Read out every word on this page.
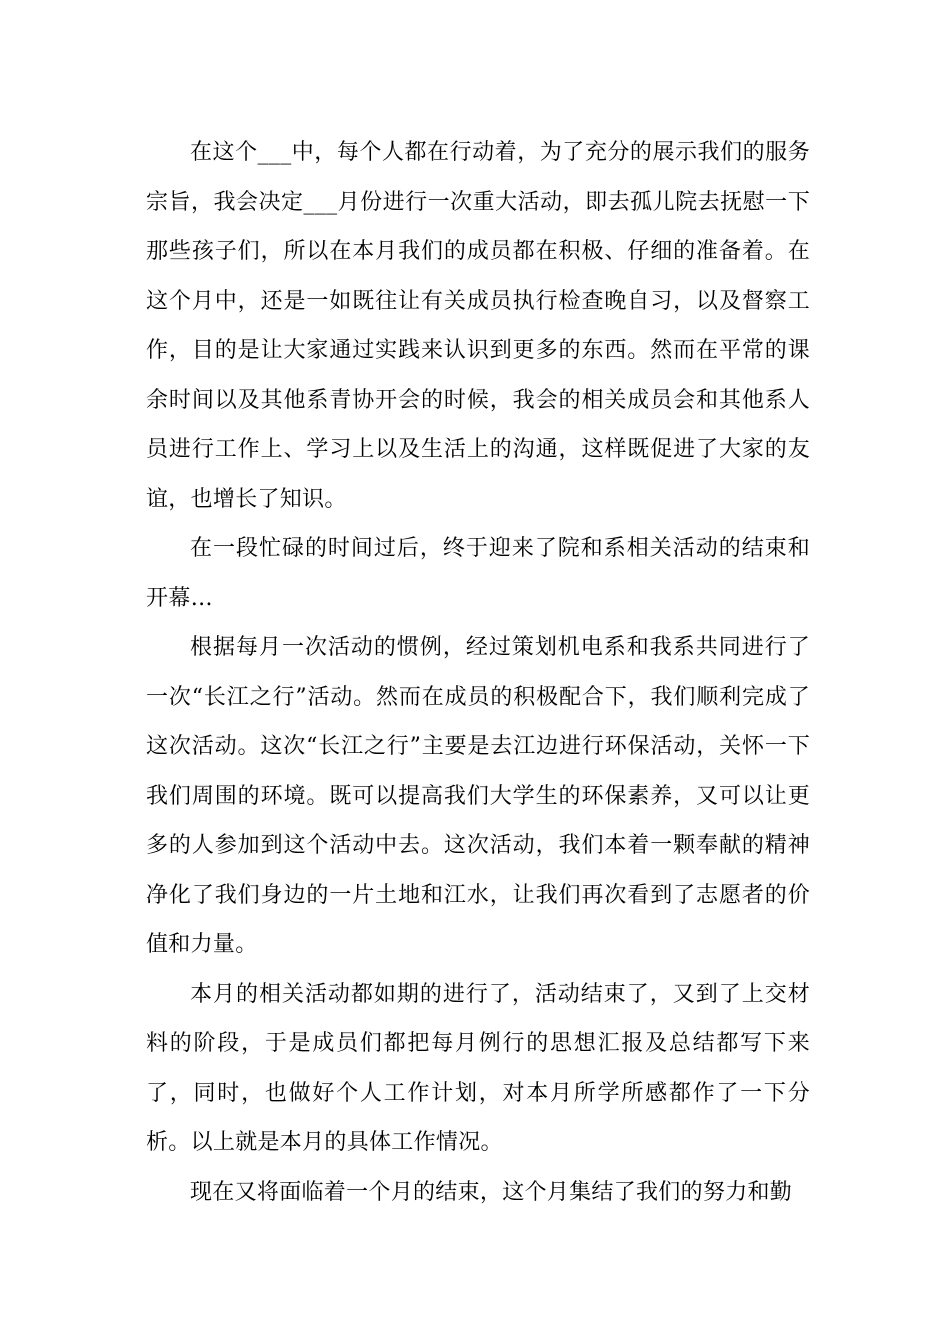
在这个___中，每个人都在行动着，为了充分的展示我们的服务宗旨，我会决定___月份进行一次重大活动，即去孤儿院去抚慰一下那些孩子们，所以在本月我们的成员都在积极、仔细的准备着。在这个月中，还是一如既往让有关成员执行检查晚自习，以及督察工作，目的是让大家通过实践来认识到更多的东西。然而在平常的课余时间以及其他系青协开会的时候，我会的相关成员会和其他系人员进行工作上、学习上以及生活上的沟通，这样既促进了大家的友谊，也增长了知识。

在一段忙碌的时间过后，终于迎来了院和系相关活动的结束和开幕…

根据每月一次活动的惯例，经过策划机电系和我系共同进行了一次“长江之行”活动。然而在成员的积极配合下，我们顺利完成了这次活动。这次“长江之行”主要是去江边进行环保活动，关怀一下我们周围的环境。既可以提高我们大学生的环保素养，又可以让更多的人参加到这个活动中去。这次活动，我们本着一颗奉献的精神净化了我们身边的一片土地和江水，让我们再次看到了志愿者的价值和力量。

本月的相关活动都如期的进行了，活动结束了，又到了上交材料的阶段，于是成员们都把每月例行的思想汇报及总结都写下来了，同时，也做好个人工作计划，对本月所学所感都作了一下分析。以上就是本月的具体工作情况。

现在又将面临着一个月的结束，这个月集结了我们的努力和勤
